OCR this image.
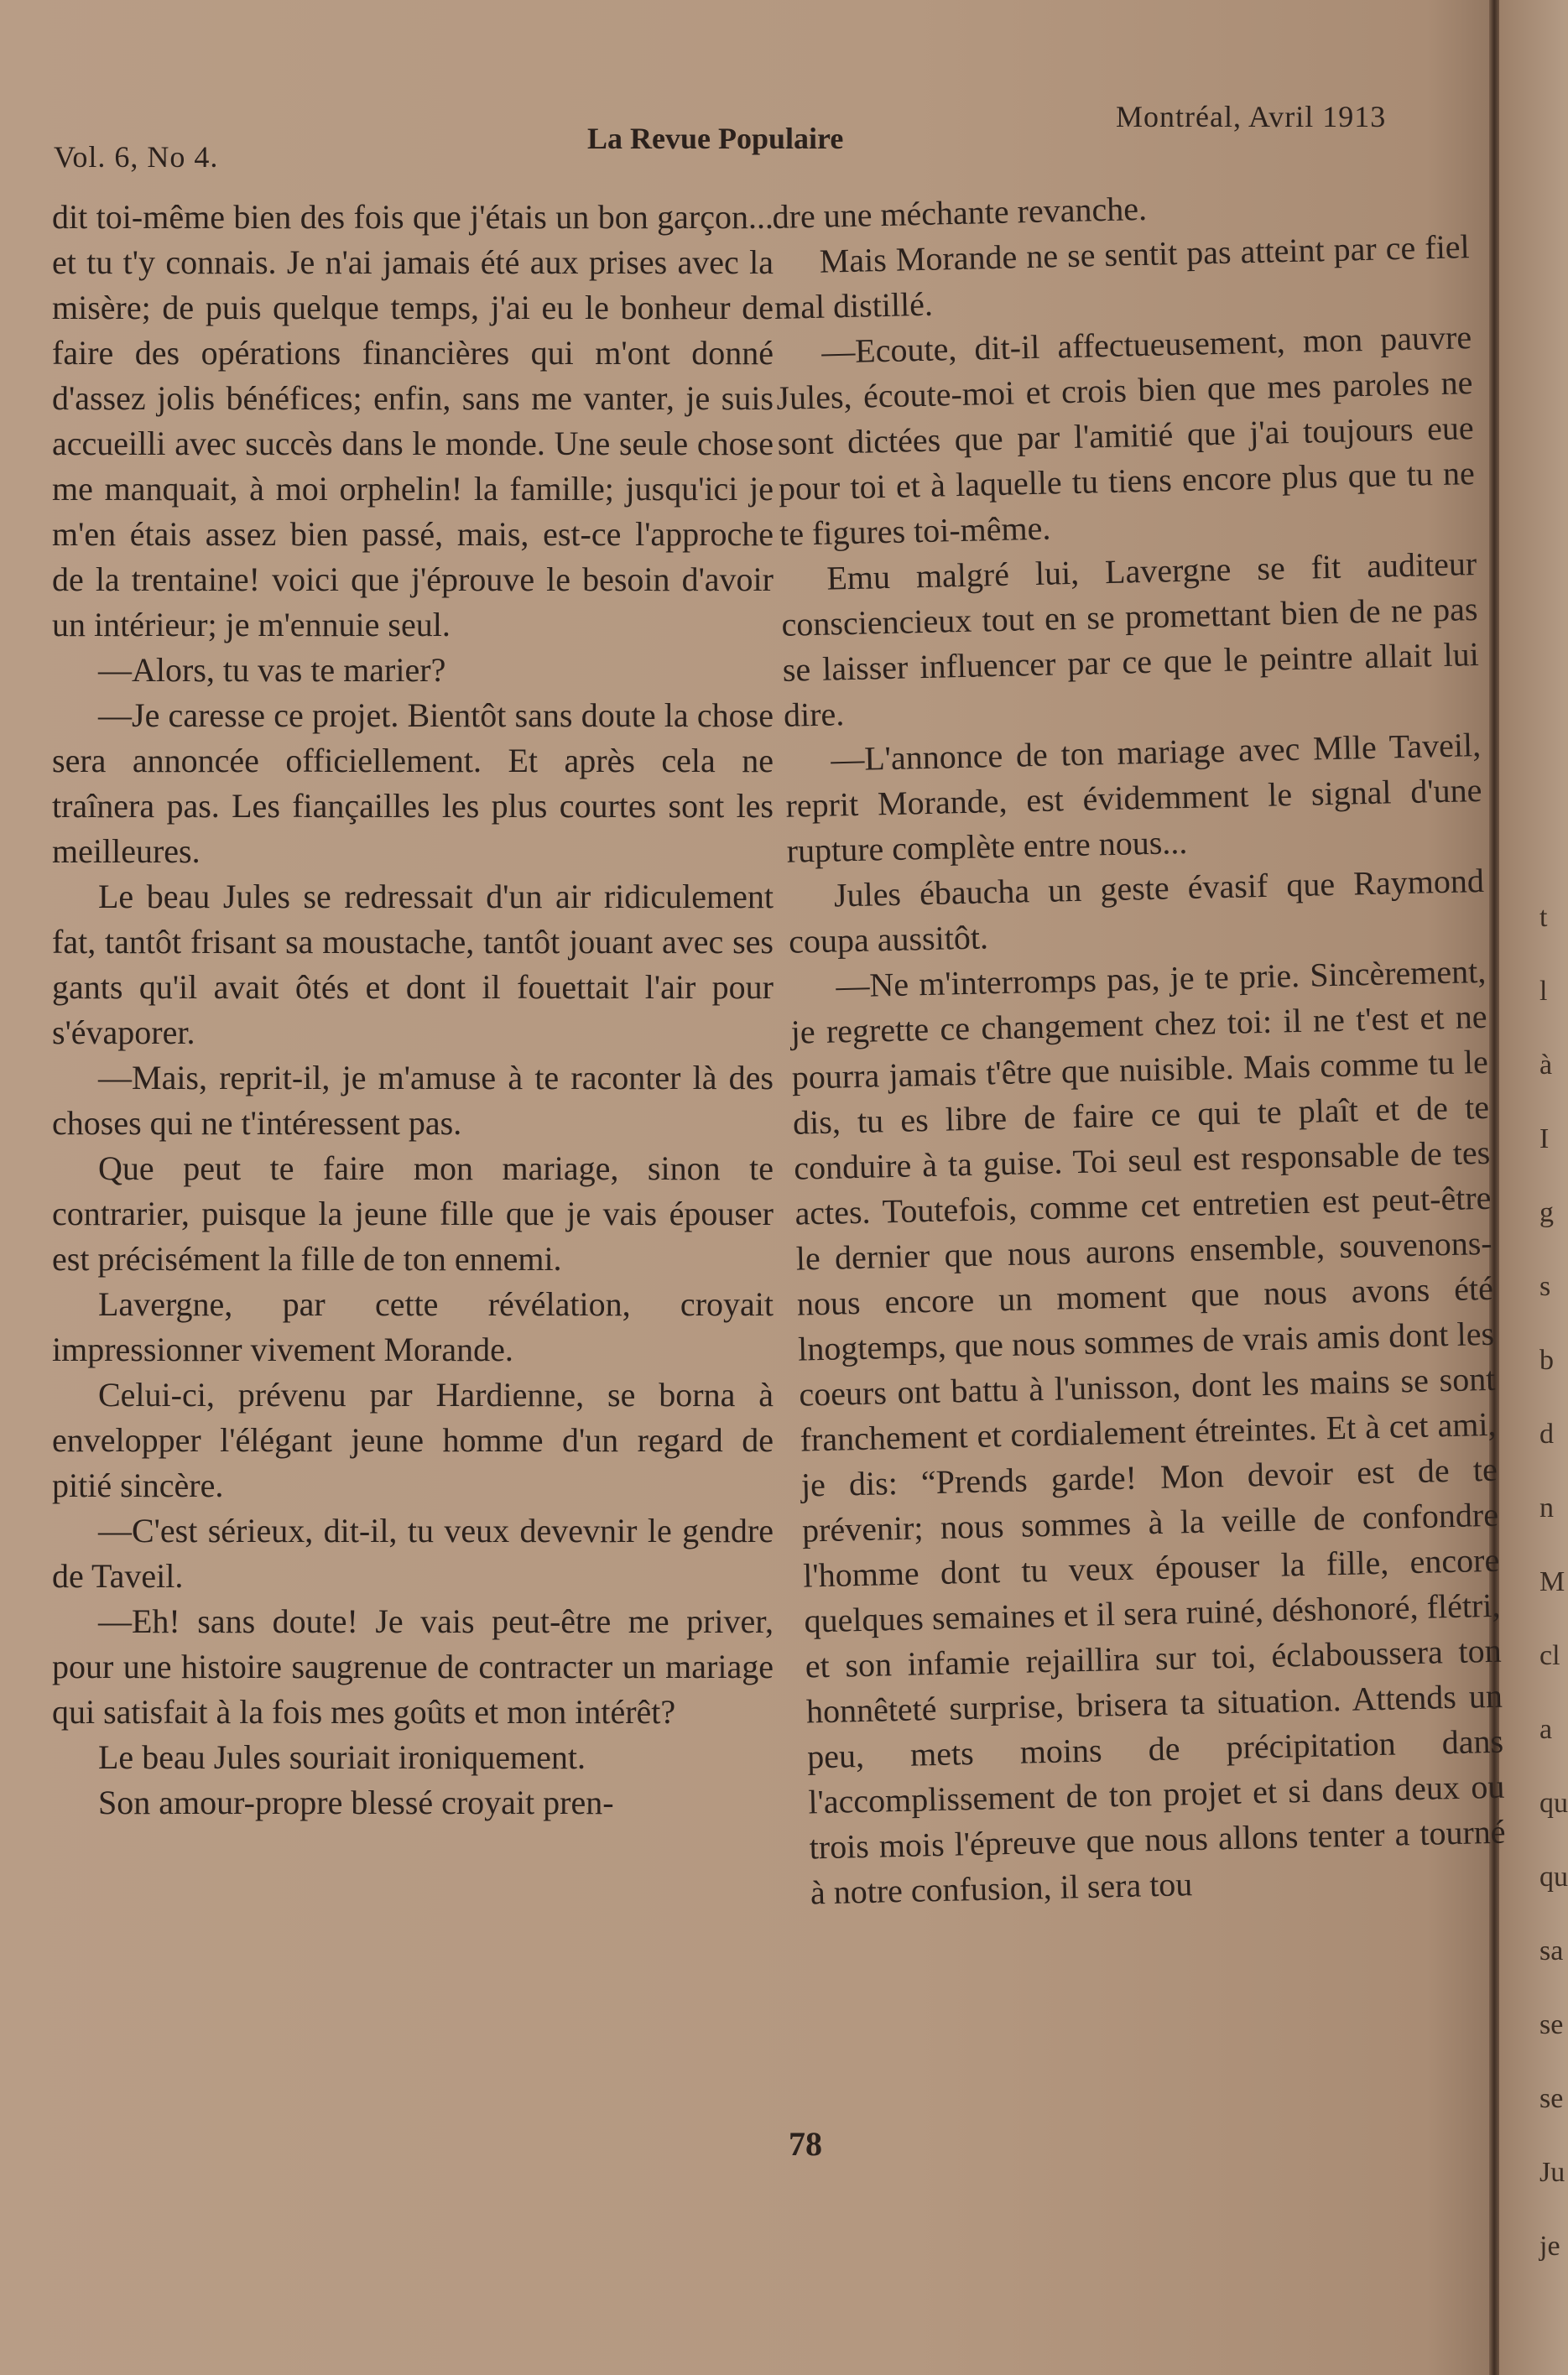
Vol. 6, No 4.
La Revue Populaire
Montréal, Avril 1913

dit toi-même bien des fois que j'étais un bon garçon... et tu t'y connais. Je n'ai jamais été aux prises avec la misère; de puis quelque temps, j'ai eu le bonheur de faire des opérations financières qui m'ont donné d'assez jolis bénéfices; enfin, sans me vanter, je suis accueilli avec succès dans le monde. Une seule chose me manquait, à moi orphelin! la famille; jusqu'ici je m'en étais assez bien passé, mais, est-ce l'approche de la trentaine! voici que j'éprouve le besoin d'avoir un intérieur; je m'ennuie seul.

—Alors, tu vas te marier?

—Je caresse ce projet. Bientôt sans doute la chose sera annoncée officiellement. Et après cela ne traînera pas. Les fiançailles les plus courtes sont les meilleures.

Le beau Jules se redressait d'un air ridiculement fat, tantôt frisant sa moustache, tantôt jouant avec ses gants qu'il avait ôtés et dont il fouettait l'air pour s'évaporer.

—Mais, reprit-il, je m'amuse à te raconter là des choses qui ne t'intéressent pas.

Que peut te faire mon mariage, sinon te contrarier, puisque la jeune fille que je vais épouser est précisément la fille de ton ennemi.

Lavergne, par cette révélation, croyait impressionner vivement Morande.

Celui-ci, prévenu par Hardienne, se borna à envelopper l'élégant jeune homme d'un regard de pitié sincère.

—C'est sérieux, dit-il, tu veux devevnir le gendre de Taveil.

—Eh! sans doute! Je vais peut-être me priver, pour une histoire saugrenue de contracter un mariage qui satisfait à la fois mes goûts et mon intérêt?

Le beau Jules souriait ironiquement.

Son amour-propre blessé croyait pren-

dre une méchante revanche.

Mais Morande ne se sentit pas atteint par ce fiel mal distillé.

—Ecoute, dit-il affectueusement, mon pauvre Jules, écoute-moi et crois bien que mes paroles ne sont dictées que par l'amitié que j'ai toujours eue pour toi et à laquelle tu tiens encore plus que tu ne te figures toi-même.

Emu malgré lui, Lavergne se fit auditeur consciencieux tout en se promettant bien de ne pas se laisser influencer par ce que le peintre allait lui dire.

—L'annonce de ton mariage avec Mlle Taveil, reprit Morande, est évidemment le signal d'une rupture complète entre nous...

Jules ébaucha un geste évasif que Raymond coupa aussitôt.

—Ne m'interromps pas, je te prie. Sincèrement, je regrette ce changement chez toi: il ne t'est et ne pourra jamais t'être que nuisible. Mais comme tu le dis, tu es libre de faire ce qui te plaît et de te conduire à ta guise. Toi seul est responsable de tes actes. Toutefois, comme cet entretien est peut-être le dernier que nous aurons ensemble, souvenons-nous encore un moment que nous avons été lnogtemps, que nous sommes de vrais amis dont les coeurs ont battu à l'unisson, dont les mains se sont franchement et cordialement étreintes. Et à cet ami, je dis: “Prends garde! Mon devoir est de te prévenir; nous sommes à la veille de confondre l'homme dont tu veux épouser la fille, encore quelques semaines et il sera ruiné, déshonoré, flétri, et son infamie rejaillira sur toi, éclaboussera ton honnêteté surprise, brisera ta situation. Attends un peu, mets moins de précipitation dans l'accomplissement de ton projet et si dans deux ou trois mois l'épreuve que nous allons tenter a tourné à notre confusion, il sera tou

78
t
l
à
I
g
s
b
d
n
M
cl
a
qu
qu
sa
se
se
Ju
je
